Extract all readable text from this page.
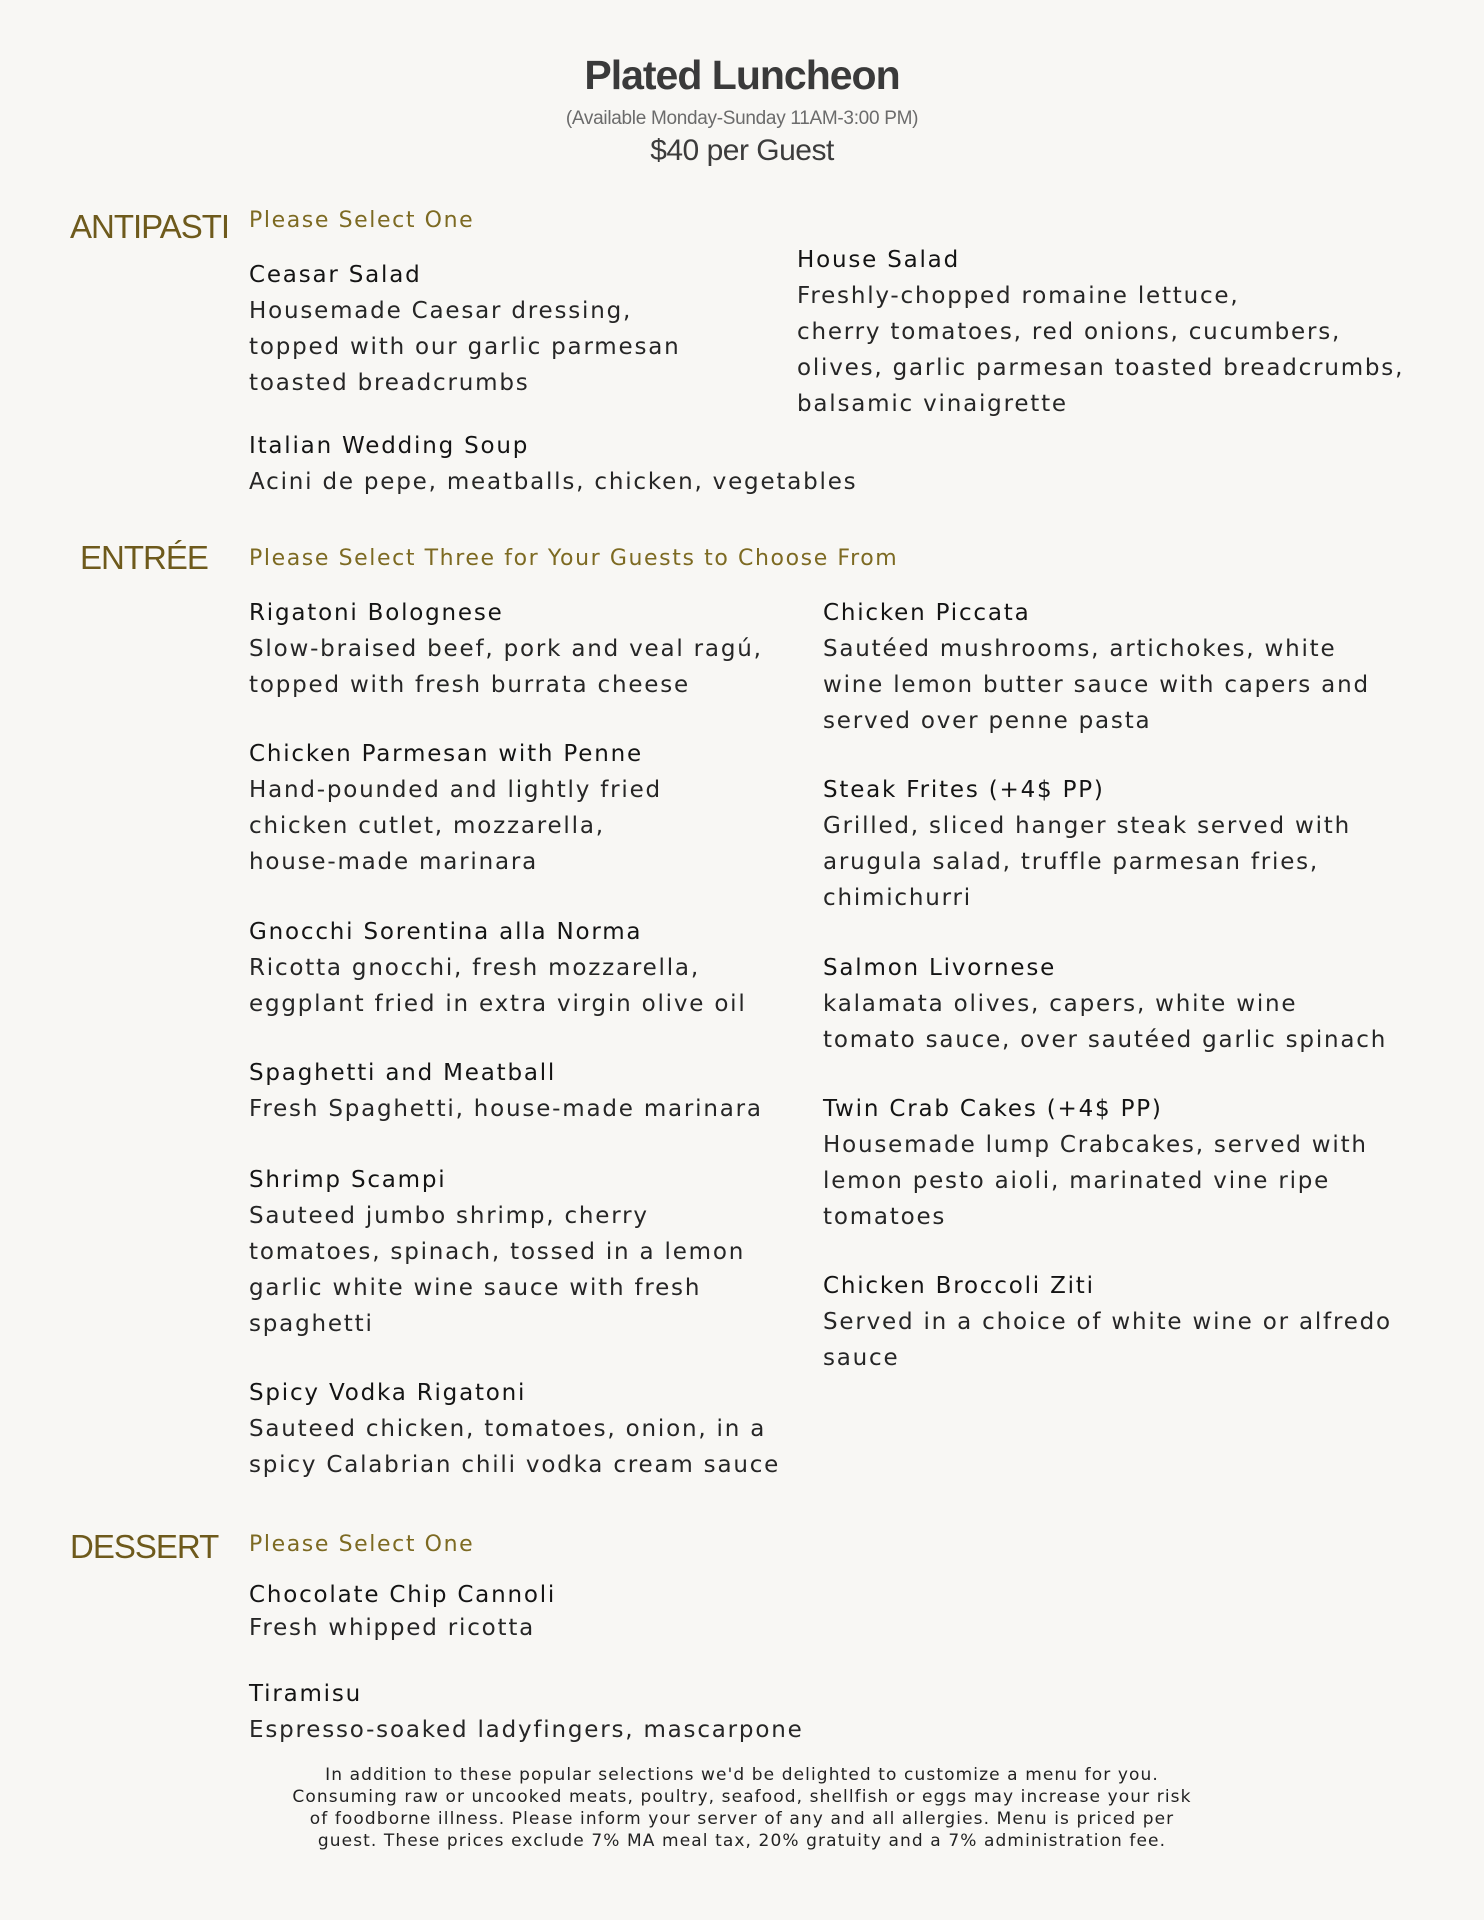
Plated Luncheon
(Available Monday-Sunday 11AM-3:00 PM)
$40 per Guest
ANTIPASTI Please Select One
Ceasar Salad
Housemade Caesar dressing,
topped with our garlic parmesan
toasted breadcrumbs
House Salad
Freshly-chopped romaine lettuce,
cherry tomatoes, red onions, cucumbers,
olives, garlic parmesan toasted breadcrumbs,
balsamic vinaigrette
Italian Wedding Soup
Acini de pepe, meatballs, chicken, vegetables
ENTRÉE Please Select Three for Your Guests to Choose From
Rigatoni Bolognese
Slow-braised beef, pork and veal ragú,
topped with fresh burrata cheese
Chicken Parmesan with Penne
Hand-pounded and lightly fried
chicken cutlet, mozzarella,
house-made marinara
Gnocchi Sorentina alla Norma
Ricotta gnocchi, fresh mozzarella,
eggplant fried in extra virgin olive oil
Spaghetti and Meatball
Fresh Spaghetti, house-made marinara
Shrimp Scampi
Sauteed jumbo shrimp, cherry
tomatoes, spinach, tossed in a lemon
garlic white wine sauce with fresh
spaghetti
Spicy Vodka Rigatoni
Sauteed chicken, tomatoes, onion, in a
spicy Calabrian chili vodka cream sauce
Chicken Piccata
Sautéed mushrooms, artichokes, white
wine lemon butter sauce with capers and
served over penne pasta
Steak Frites (+4$ PP)
Grilled, sliced hanger steak served with
arugula salad, truffle parmesan fries,
chimichurri
Salmon Livornese
kalamata olives, capers, white wine
tomato sauce, over sautéed garlic spinach
Twin Crab Cakes (+4$ PP)
Housemade lump Crabcakes, served with
lemon pesto aioli, marinated vine ripe
tomatoes
Chicken Broccoli Ziti
Served in a choice of white wine or alfredo
sauce
DESSERT Please Select One
Chocolate Chip Cannoli
Fresh whipped ricotta
Tiramisu
Espresso-soaked ladyfingers, mascarpone
In addition to these popular selections we'd be delighted to customize a menu for you.
Consuming raw or uncooked meats, poultry, seafood, shellfish or eggs may increase your risk
of foodborne illness. Please inform your server of any and all allergies. Menu is priced per
guest. These prices exclude 7% MA meal tax, 20% gratuity and a 7% administration fee.
